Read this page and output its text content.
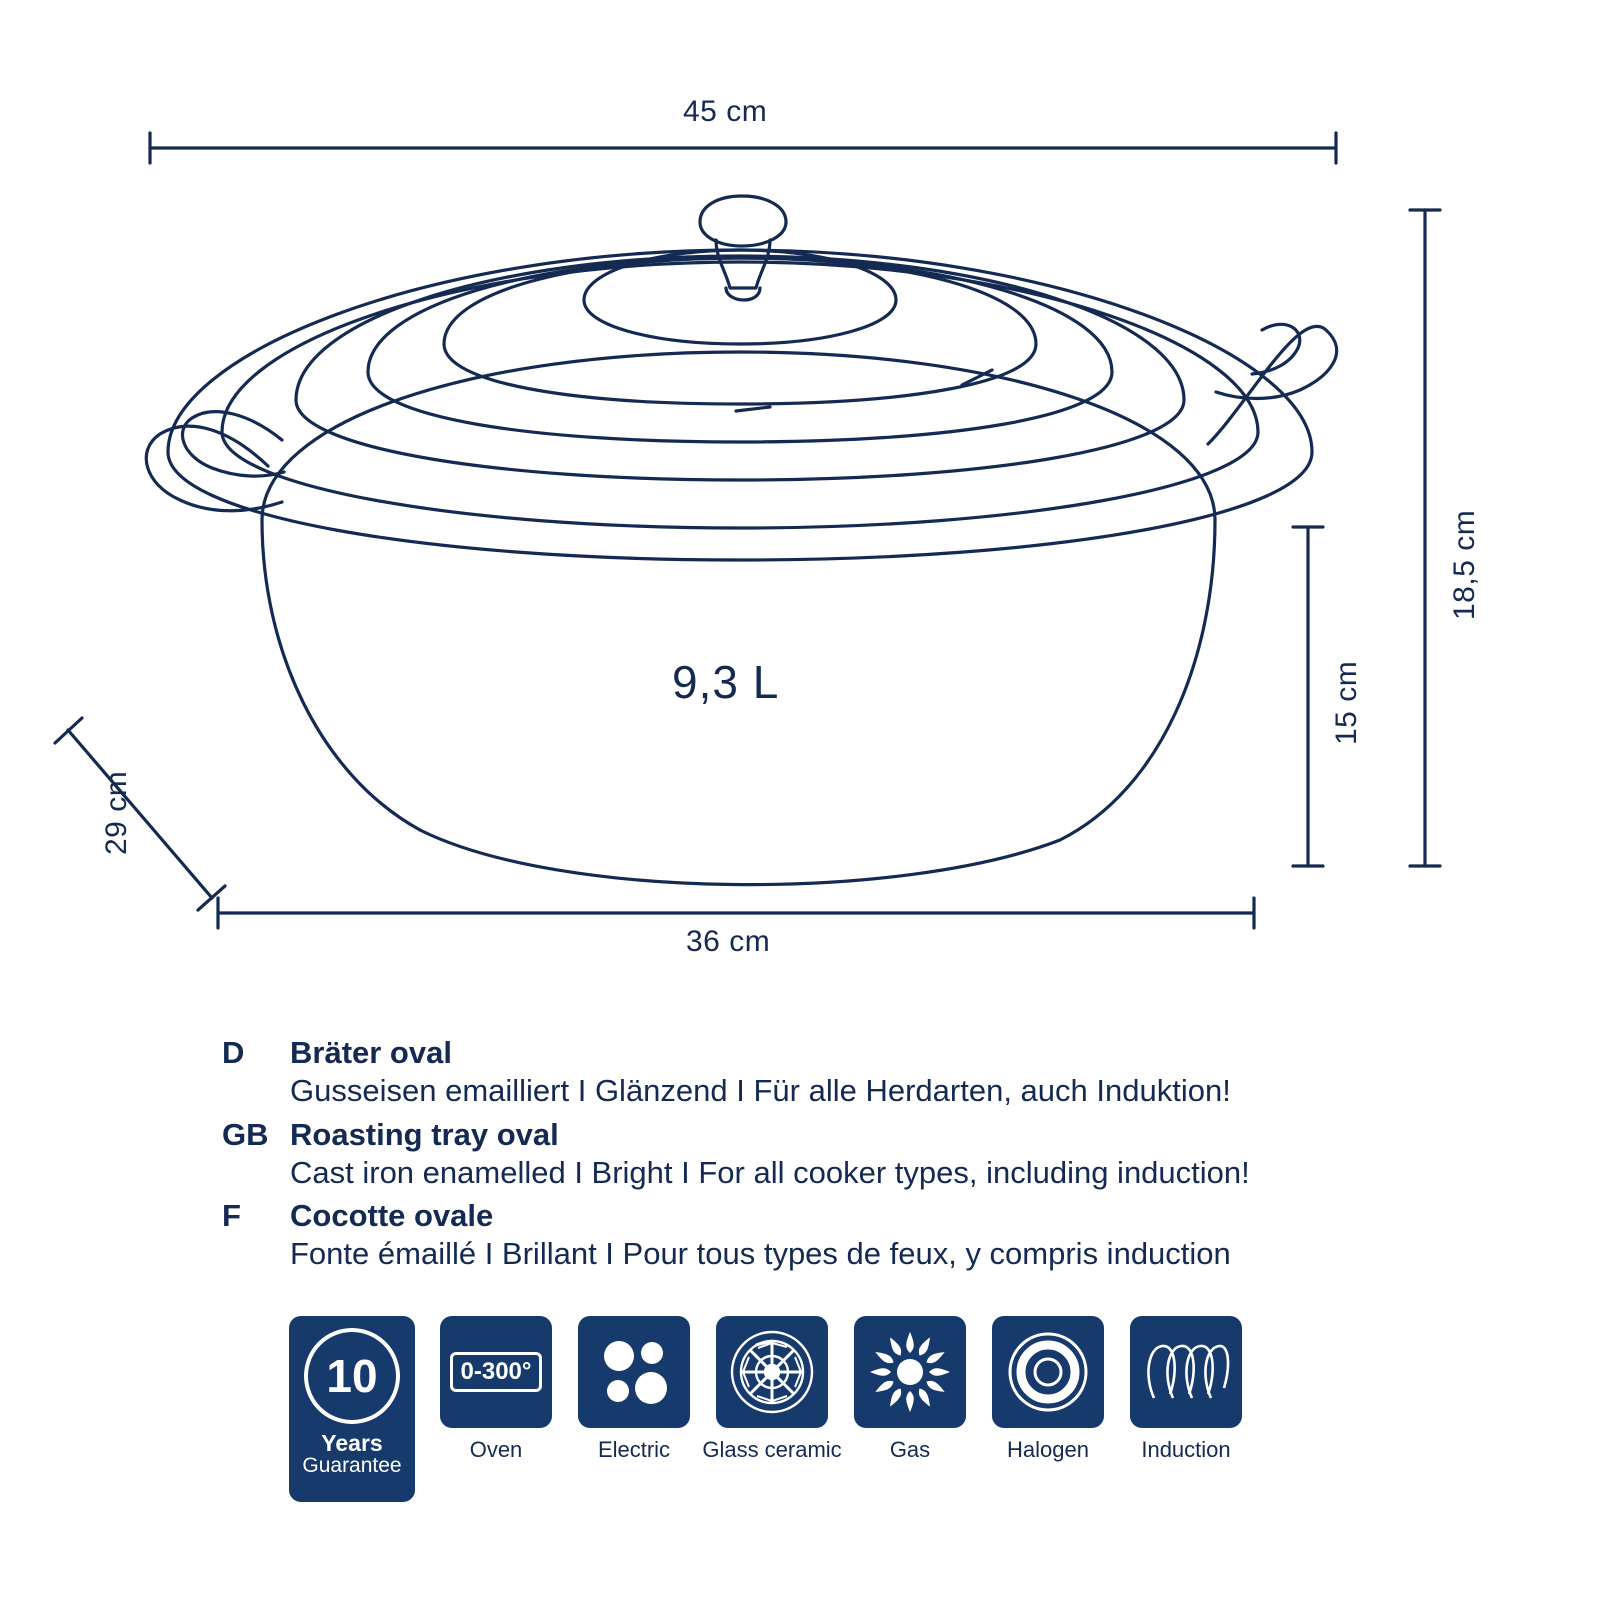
45 cm
36 cm
9,3 L
18,5 cm
15 cm
29 cm
D	Bräter oval
Gusseisen emailliert I Glänzend I Für alle Herdarten, auch Induktion!
GB Roasting tray oval
Cast iron enamelled I Bright I For all cooker types, including induction!
F	Cocotte ovale
Fonte émaillé I Brillant I Pour tous types de feux, y compris induction
10
Years
Guarantee
0-300°
Oven	Electric Glass ceramic Gas	Halogen Induction
